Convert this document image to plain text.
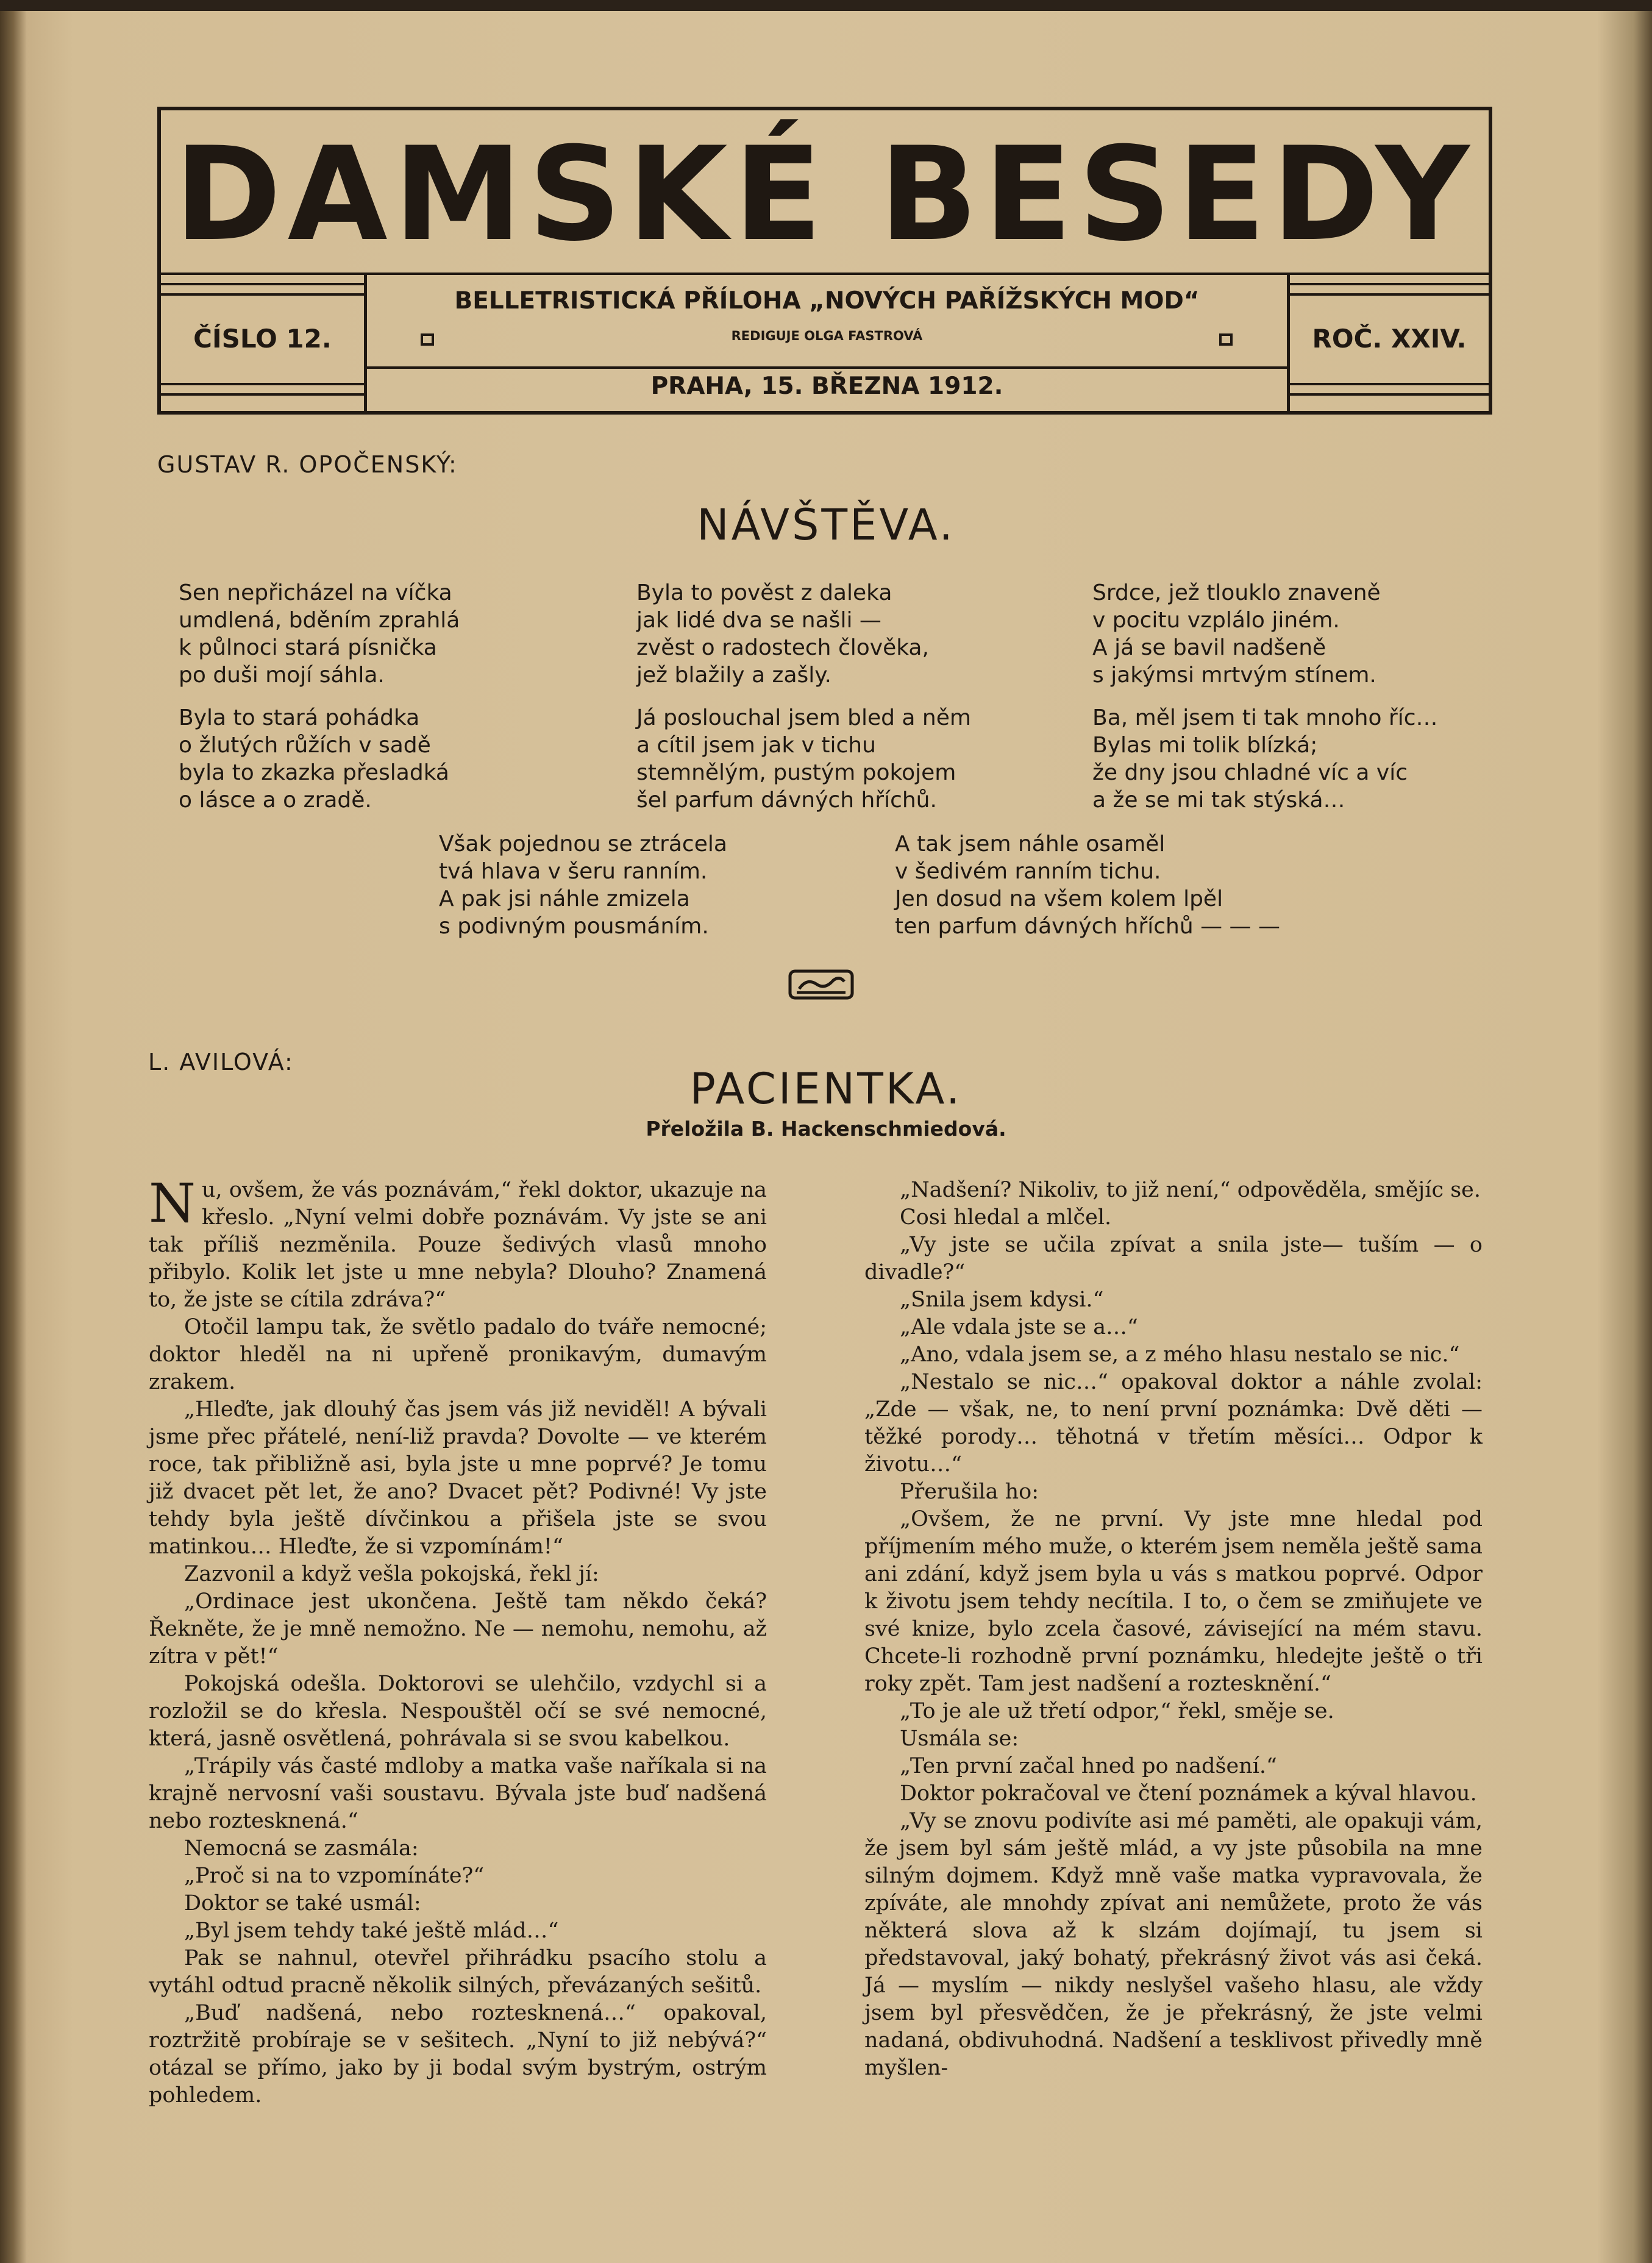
DAMSKÉ BESEDY
ČÍSLO 12.
BELLETRISTICKÁ PŘÍLOHA „NOVÝCH PAŘÍŽSKÝCH MOD“
REDIGUJE OLGA FASTROVÁ
PRAHA, 15. BŘEZNA 1912.
ROČ. XXIV.
GUSTAV R. OPOČENSKÝ:
NÁVŠTĚVA.
Sen nepřicházel na víčka
umdlená, bděním zprahlá
k půlnoci stará písnička
po duši mojí sáhla.
Byla to stará pohádka
o žlutých růžích v sadě
byla to zkazka přesladká
o lásce a o zradě.
Byla to pověst z daleka
jak lidé dva se našli —
zvěst o radostech člověka,
jež blažily a zašly.
Já poslouchal jsem bled a něm
a cítil jsem jak v tichu
stemnělým, pustým pokojem
šel parfum dávných hříchů.
Srdce, jež tlouklo znaveně
v pocitu vzplálo jiném.
A já se bavil nadšeně
s jakýmsi mrtvým stínem.
Ba, měl jsem ti tak mnoho říc…
Bylas mi tolik blízká;
že dny jsou chladné víc a víc
a že se mi tak stýská…
Však pojednou se ztrácela
tvá hlava v šeru ranním.
A pak jsi náhle zmizela
s podivným pousmáním.
A tak jsem náhle osaměl
v šedivém ranním tichu.
Jen dosud na všem kolem lpěl
ten parfum dávných hříchů — — —
L. AVILOVÁ:
PACIENTKA.
Přeložila B. Hackenschmiedová.

Nu, ovšem, že vás poznávám,“ řekl doktor, ukazuje na křeslo. „Nyní velmi dobře poznávám. Vy jste se ani tak příliš nezměnila. Pouze šedivých vlasů mnoho přibylo. Kolik let jste u mne nebyla? Dlouho? Znamená to, že jste se cítila zdráva?“

Otočil lampu tak, že světlo padalo do tváře nemocné; doktor hleděl na ni upřeně pronikavým, dumavým zrakem.

„Hleďte, jak dlouhý čas jsem vás již neviděl! A bývali jsme přec přátelé, není-liž pravda? Dovolte — ve kterém roce, tak přibližně asi, byla jste u mne poprvé? Je tomu již dvacet pět let, že ano? Dvacet pět? Podivné! Vy jste tehdy byla ještě dívčinkou a přišela jste se svou matinkou… Hleďte, že si vzpomínám!“

Zazvonil a když vešla pokojská, řekl jí:

„Ordinace jest ukončena. Ještě tam někdo čeká? Řekněte, že je mně nemožno. Ne — nemohu, nemohu, až zítra v pět!“

Pokojská odešla. Doktorovi se ulehčilo, vzdychl si a rozložil se do křesla. Nespouštěl očí se své nemocné, která, jasně osvětlená, pohrávala si se svou kabelkou.

„Trápily vás časté mdloby a matka vaše naříkala si na krajně nervosní vaši soustavu. Bývala jste buď nadšená nebo roztesknená.“

Nemocná se zasmála:

„Proč si na to vzpomínáte?“

Doktor se také usmál:

„Byl jsem tehdy také ještě mlád…“

Pak se nahnul, otevřel přihrádku psacího stolu a vytáhl odtud pracně několik silných, převázaných sešitů.

„Buď nadšená, nebo roztesknená…“ opakoval, roztržitě probíraje se v sešitech. „Nyní to již nebývá?“ otázal se přímo, jako by ji bodal svým bystrým, ostrým pohledem.

„Nadšení? Nikoliv, to již není,“ odpověděla, smějíc se.

Cosi hledal a mlčel.

„Vy jste se učila zpívat a snila jste— tuším — o divadle?“

„Snila jsem kdysi.“

„Ale vdala jste se a…“

„Ano, vdala jsem se, a z mého hlasu nestalo se nic.“

„Nestalo se nic…“ opakoval doktor a náhle zvolal: „Zde — však, ne, to není první poznámka: Dvě děti — těžké porody… těhotná v třetím měsíci… Odpor k životu…“

Přerušila ho:

„Ovšem, že ne první. Vy jste mne hledal pod příjmením mého muže, o kterém jsem neměla ještě sama ani zdání, když jsem byla u vás s matkou poprvé. Odpor k životu jsem tehdy necítila. I to, o čem se zmiňujete ve své knize, bylo zcela časové, závisející na mém stavu. Chcete-li rozhodně první poznámku, hledejte ještě o tři roky zpět. Tam jest nadšení a roztesknění.“

„To je ale už třetí odpor,“ řekl, směje se.

Usmála se:

„Ten první začal hned po nadšení.“

Doktor pokračoval ve čtení poznámek a kýval hlavou.

„Vy se znovu podivíte asi mé paměti, ale opakuji vám, že jsem byl sám ještě mlád, a vy jste působila na mne silným dojmem. Když mně vaše matka vypravovala, že zpíváte, ale mnohdy zpívat ani nemůžete, proto že vás některá slova až k slzám dojímají, tu jsem si představoval, jaký bohatý, překrásný život vás asi čeká. Já — myslím — nikdy neslyšel vašeho hlasu, ale vždy jsem byl přesvědčen, že je překrásný, že jste velmi nadaná, obdivuhodná. Nadšení a tesklivost přivedly mně myšlen-
